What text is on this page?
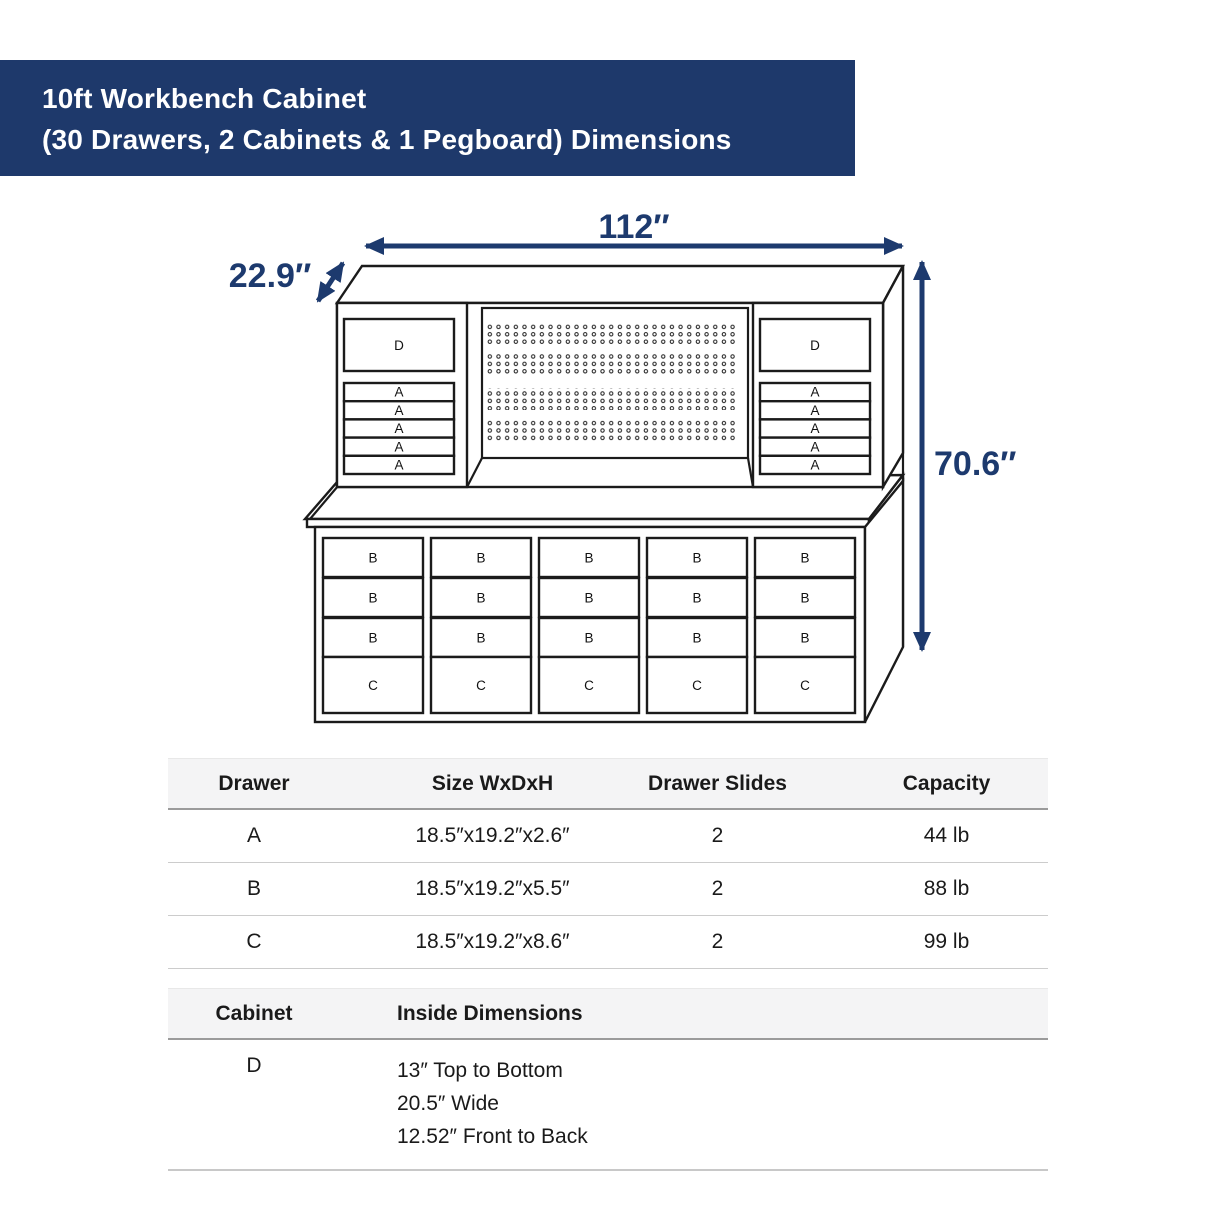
10ft Workbench Cabinet
(30 Drawers, 2 Cabinets & 1 Pegboard) Dimensions
D
A
A
A
A
A
D
A
A
A
A
A
B
B
B
C
B
B
B
C
B
B
B
C
B
B
B
C
B
B
B
C
112″
22.9″
70.6″
Drawer	Size WxDxH	Drawer Slides	Capacity
A	18.5″x19.2″x2.6″	2	44 lb
B	18.5″x19.2″x5.5″	2	88 lb
C	18.5″x19.2″x8.6″	2	99 lb
Cabinet	Inside Dimensions
D	13″ Top to Bottom
20.5″ Wide
12.52″ Front to Back
